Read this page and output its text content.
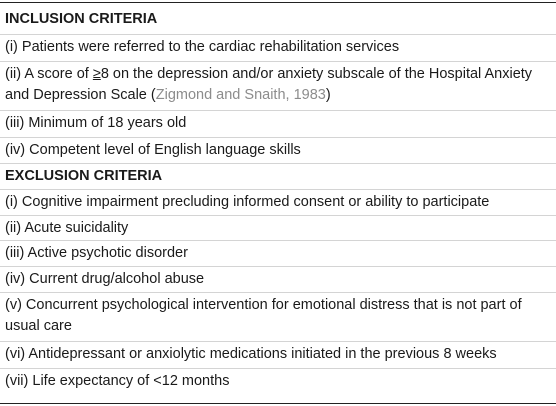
INCLUSION CRITERIA
(i) Patients were referred to the cardiac rehabilitation services
(ii) A score of ≥8 on the depression and/or anxiety subscale of the Hospital Anxiety and Depression Scale (Zigmond and Snaith, 1983)
(iii) Minimum of 18 years old
(iv) Competent level of English language skills
EXCLUSION CRITERIA
(i) Cognitive impairment precluding informed consent or ability to participate
(ii) Acute suicidality
(iii) Active psychotic disorder
(iv) Current drug/alcohol abuse
(v) Concurrent psychological intervention for emotional distress that is not part of usual care
(vi) Antidepressant or anxiolytic medications initiated in the previous 8 weeks
(vii) Life expectancy of <12 months
